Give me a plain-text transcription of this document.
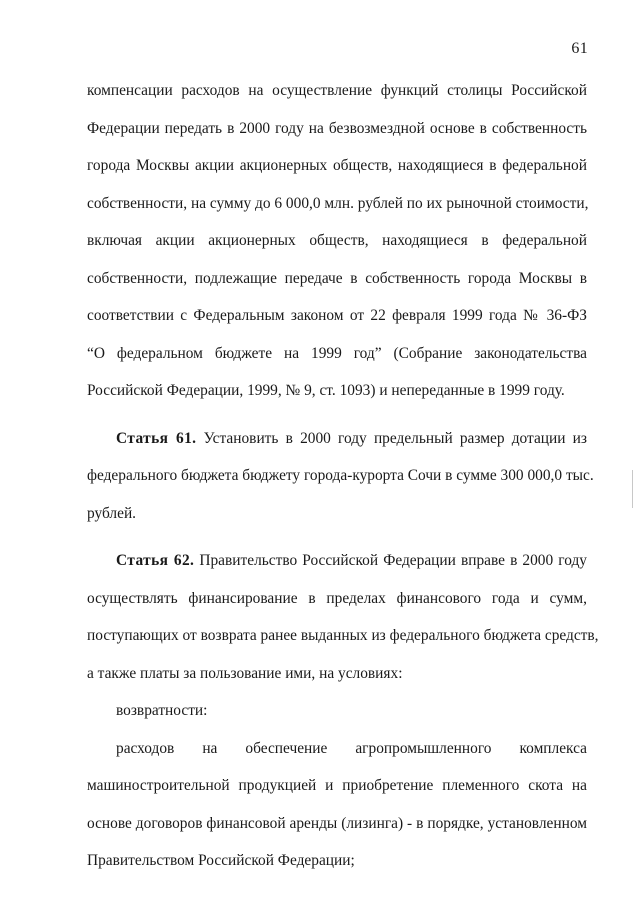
61
компенсации расходов на осуществление функций столицы Российской
Федерации передать в 2000 году на безвозмездной основе в собственность
города Москвы акции акционерных обществ, находящиеся в федеральной
собственности, на сумму до 6 000,0 млн. рублей по их рыночной стоимости,
включая акции акционерных обществ, находящиеся в федеральной
собственности, подлежащие передаче в собственность города Москвы в
соответствии с Федеральным законом от 22 февраля 1999 года № 36-ФЗ
“О федеральном бюджете на 1999 год” (Собрание законодательства
Российской Федерации, 1999, № 9, ст. 1093) и непереданные в 1999 году.
Статья 61. Установить в 2000 году предельный размер дотации из
федерального бюджета бюджету города-курорта Сочи в сумме 300 000,0 тыс.
рублей.
Статья 62. Правительство Российской Федерации вправе в 2000 году
осуществлять финансирование в пределах финансового года и сумм,
поступающих от возврата ранее выданных из федерального бюджета средств,
а также платы за пользование ими, на условиях:
возвратности:
расходов на обеспечение агропромышленного комплекса
машиностроительной продукцией и приобретение племенного скота на
основе договоров финансовой аренды (лизинга) - в порядке, установленном
Правительством Российской Федерации;
